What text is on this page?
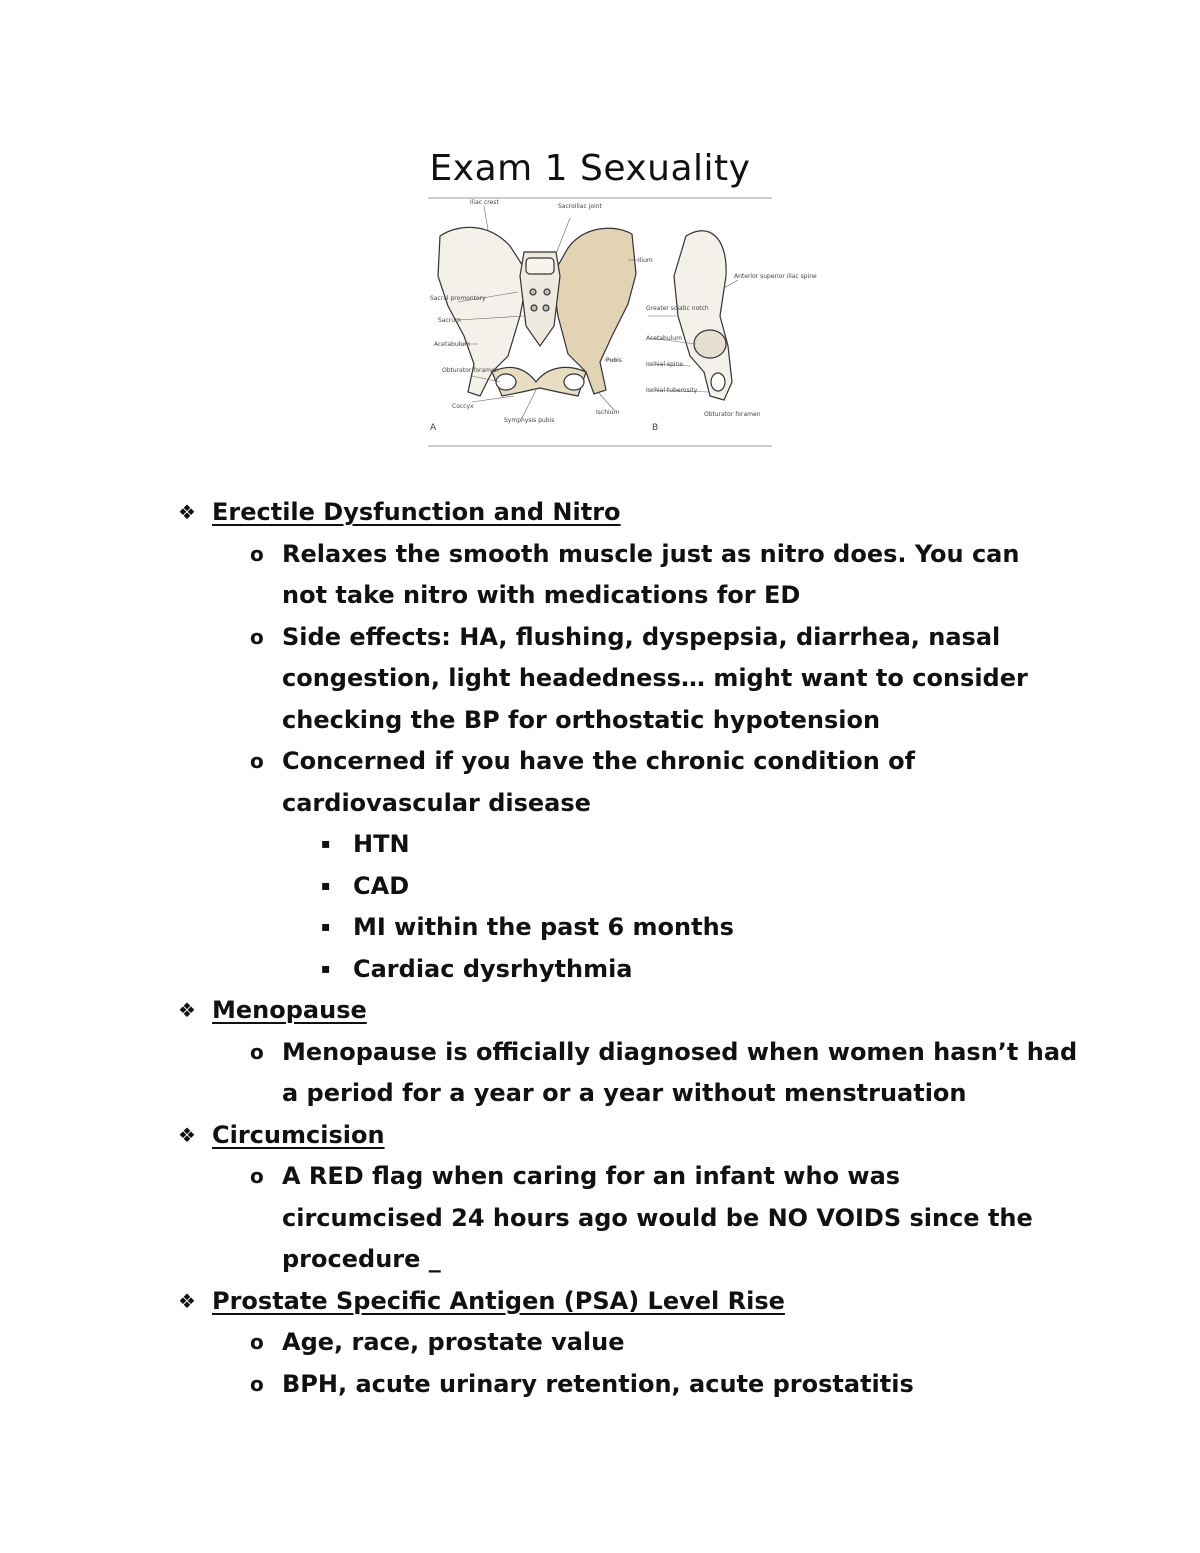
Exam 1 Sexuality
Iliac crest
Sacroiliac joint
Ilium
Sacral promontory
Sacrum
Acetabulum
Obturator foramen
Coccyx
Symphysis pubis
Pubis
Ischium
Greater sciatic notch
Anterior superior iliac spine
Acetabulum
Ischial spine
Ischial tuberosity
Obturator foramen
A	B
❖ Erectile Dysfunction and Nitro
o Relaxes the smooth muscle just as nitro does. You can
not take nitro with medications for ED
o Side effects: HA, flushing, dyspepsia, diarrhea, nasal
congestion, light headedness… might want to consider
checking the BP for orthostatic hypotension
o Concerned if you have the chronic condition of
cardiovascular disease
▪ HTN
▪ CAD
▪ MI within the past 6 months
▪ Cardiac dysrhythmia
❖ Menopause
o Menopause is officially diagnosed when women hasn’t had
a period for a year or a year without menstruation
❖ Circumcision
o A RED flag when caring for an infant who was
circumcised 24 hours ago would be NO VOIDS since the
procedure _
❖ Prostate Specific Antigen (PSA) Level Rise
o Age, race, prostate value
o BPH, acute urinary retention, acute prostatitis
